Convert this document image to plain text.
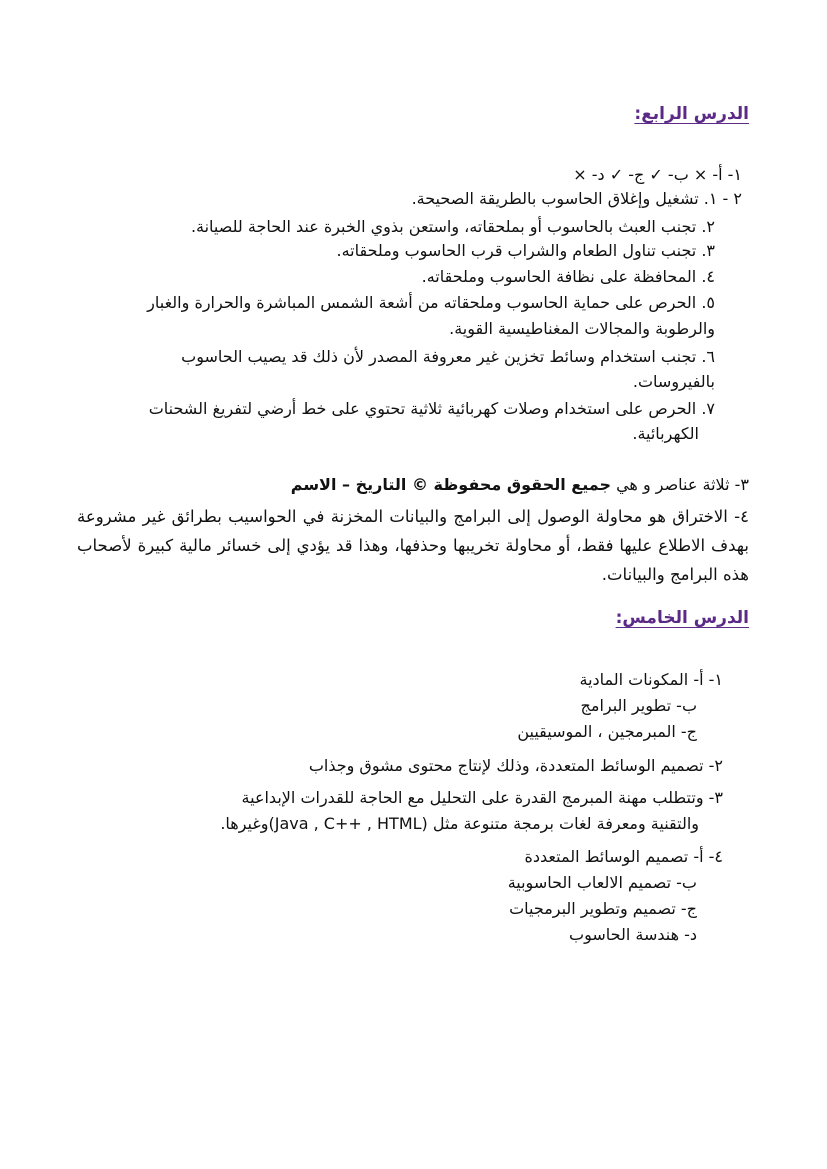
الدرس الرابع:
١- أ- × ب- ✓ ج- ✓ د- ×
٢ - ١. تشغيل وإغلاق الحاسوب بالطريقة الصحيحة.
٢. تجنب العبث بالحاسوب أو بملحقاته، واستعن بذوي الخبرة عند الحاجة للصيانة.
٣. تجنب تناول الطعام والشراب قرب الحاسوب وملحقاته.
٤. المحافظة على نظافة الحاسوب وملحقاته.
٥. الحرص على حماية الحاسوب وملحقاته من أشعة الشمس المباشرة والحرارة والغبار
والرطوبة والمجالات المغناطيسية القوية.
٦. تجنب استخدام وسائط تخزين غير معروفة المصدر لأن ذلك قد يصيب الحاسوب
بالفيروسات.
٧. الحرص على استخدام وصلات كهربائية ثلاثية تحتوي على خط أرضي لتفريغ الشحنات
الكهربائية.
٣- ثلاثة عناصر و هي جميع الحقوق محفوظة © التاريخ – الاسم

٤- الاختراق هو محاولة الوصول إلى البرامج والبيانات المخزنة في الحواسيب بطرائق غير مشروعة بهدف الاطلاع عليها فقط، أو محاولة تخريبها وحذفها، وهذا قد يؤدي إلى خسائر مالية كبيرة لأصحاب هذه البرامج والبيانات.

الدرس الخامس:
١- أ- المكونات المادية
ب- تطوير البرامج
ج- المبرمجين ، الموسيقيين
٢- تصميم الوسائط المتعددة، وذلك لإنتاج محتوى مشوق وجذاب
٣- وتتطلب مهنة المبرمج القدرة على التحليل مع الحاجة للقدرات الإبداعية
والتقنية ومعرفة لغات برمجة متنوعة مثل (Java , C++ , HTML)وغيرها.
٤- أ- تصميم الوسائط المتعددة
ب- تصميم الالعاب الحاسوبية
ج- تصميم وتطوير البرمجيات
د- هندسة الحاسوب
